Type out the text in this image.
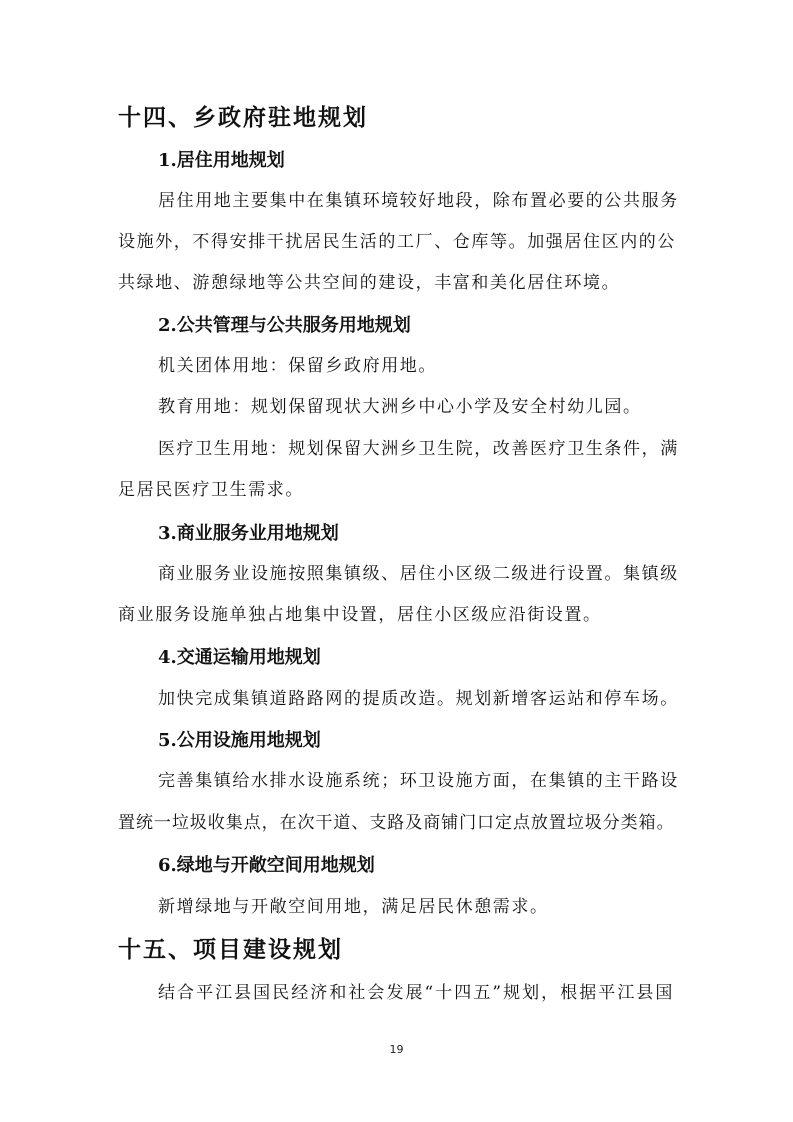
十四、乡政府驻地规划
1.居住用地规划
居住用地主要集中在集镇环境较好地段，除布置必要的公共服务
设施外，不得安排干扰居民生活的工厂、仓库等。加强居住区内的公
共绿地、游憩绿地等公共空间的建设，丰富和美化居住环境。
2.公共管理与公共服务用地规划
机关团体用地：保留乡政府用地。
教育用地：规划保留现状大洲乡中心小学及安全村幼儿园。
医疗卫生用地：规划保留大洲乡卫生院，改善医疗卫生条件，满
足居民医疗卫生需求。
3.商业服务业用地规划
商业服务业设施按照集镇级、居住小区级二级进行设置。集镇级
商业服务设施单独占地集中设置，居住小区级应沿街设置。
4.交通运输用地规划
加快完成集镇道路路网的提质改造。规划新增客运站和停车场。
5.公用设施用地规划
完善集镇给水排水设施系统；环卫设施方面，在集镇的主干路设
置统一垃圾收集点，在次干道、支路及商铺门口定点放置垃圾分类箱。
6.绿地与开敞空间用地规划
新增绿地与开敞空间用地，满足居民休憩需求。
十五、项目建设规划
结合平江县国民经济和社会发展“十四五”规划，根据平江县国
19
